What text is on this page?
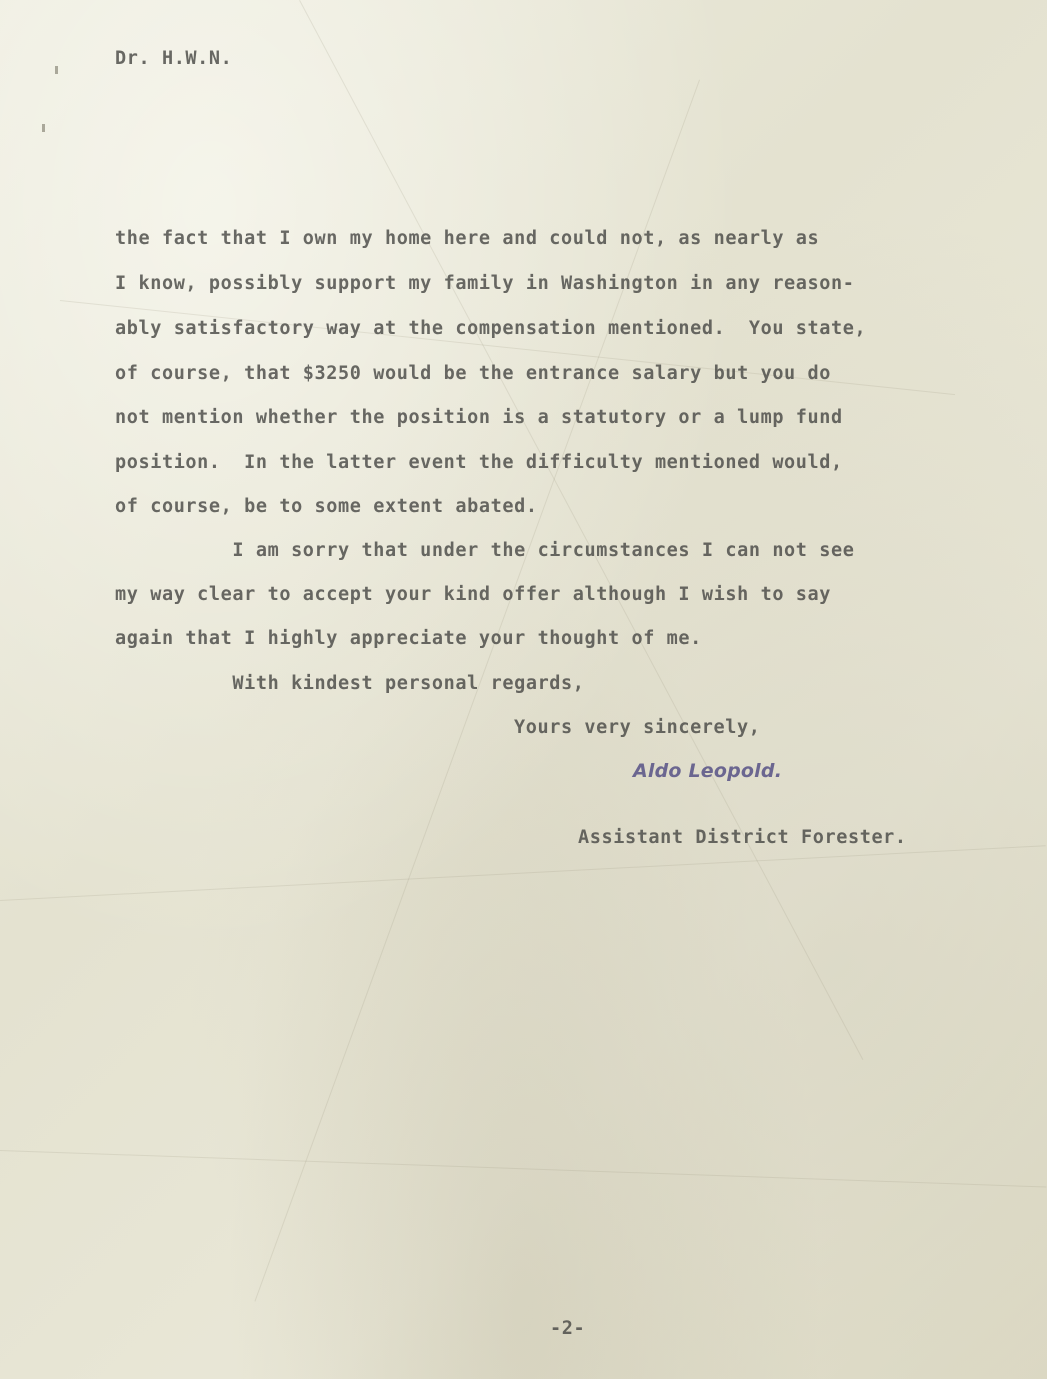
Dr. H.W.N.
the fact that I own my home here and could not, as nearly as
I know, possibly support my family in Washington in any reason-
ably satisfactory way at the compensation mentioned.  You state,
of course, that $3250 would be the entrance salary but you do
not mention whether the position is a statutory or a lump fund
position.  In the latter event the difficulty mentioned would,
of course, be to some extent abated.
I am sorry that under the circumstances I can not see
my way clear to accept your kind offer although I wish to say
again that I highly appreciate your thought of me.
With kindest personal regards,
Yours very sincerely,
Aldo Leopold.
Assistant District Forester.
-2-
